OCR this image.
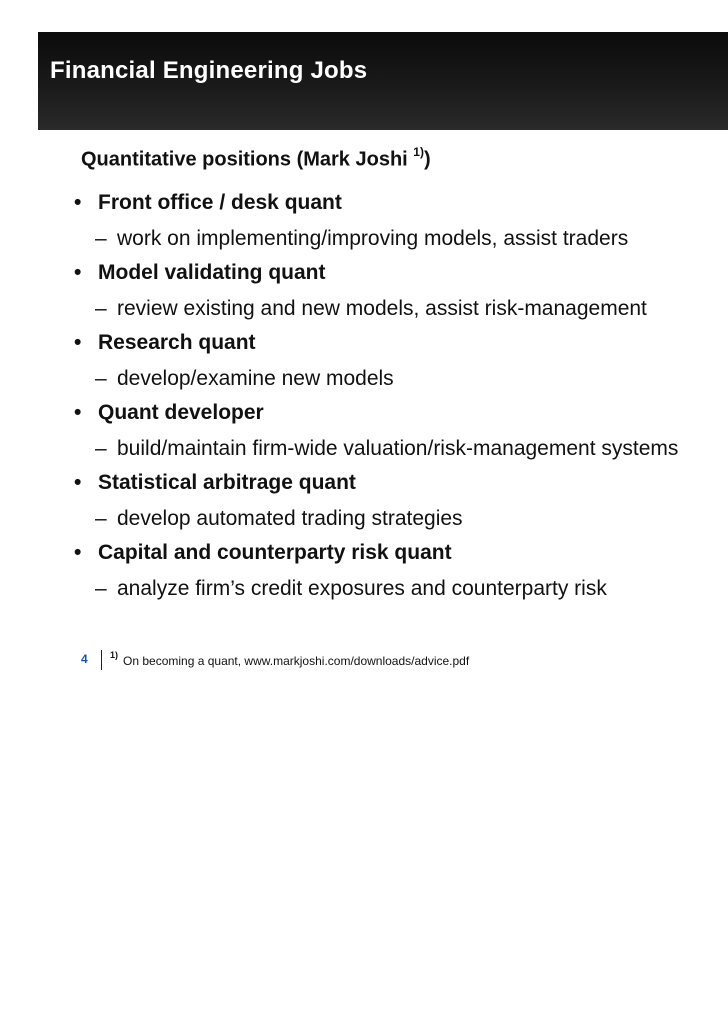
Financial Engineering Jobs
Quantitative positions (Mark Joshi $^{1)}$)
• Front office / desk quant
– work on implementing/improving models, assist traders
• Model validating quant
– review existing and new models, assist risk-management
• Research quant
– develop/examine new models
• Quant developer
– build/maintain firm-wide valuation/risk-management systems
• Statistical arbitrage quant
– develop automated trading strategies
• Capital and counterparty risk quant
– analyze firm’s credit exposures and counterparty risk
4 $^{1)}$ On becoming a quant, www.markjoshi.com/downloads/advice.pdf
